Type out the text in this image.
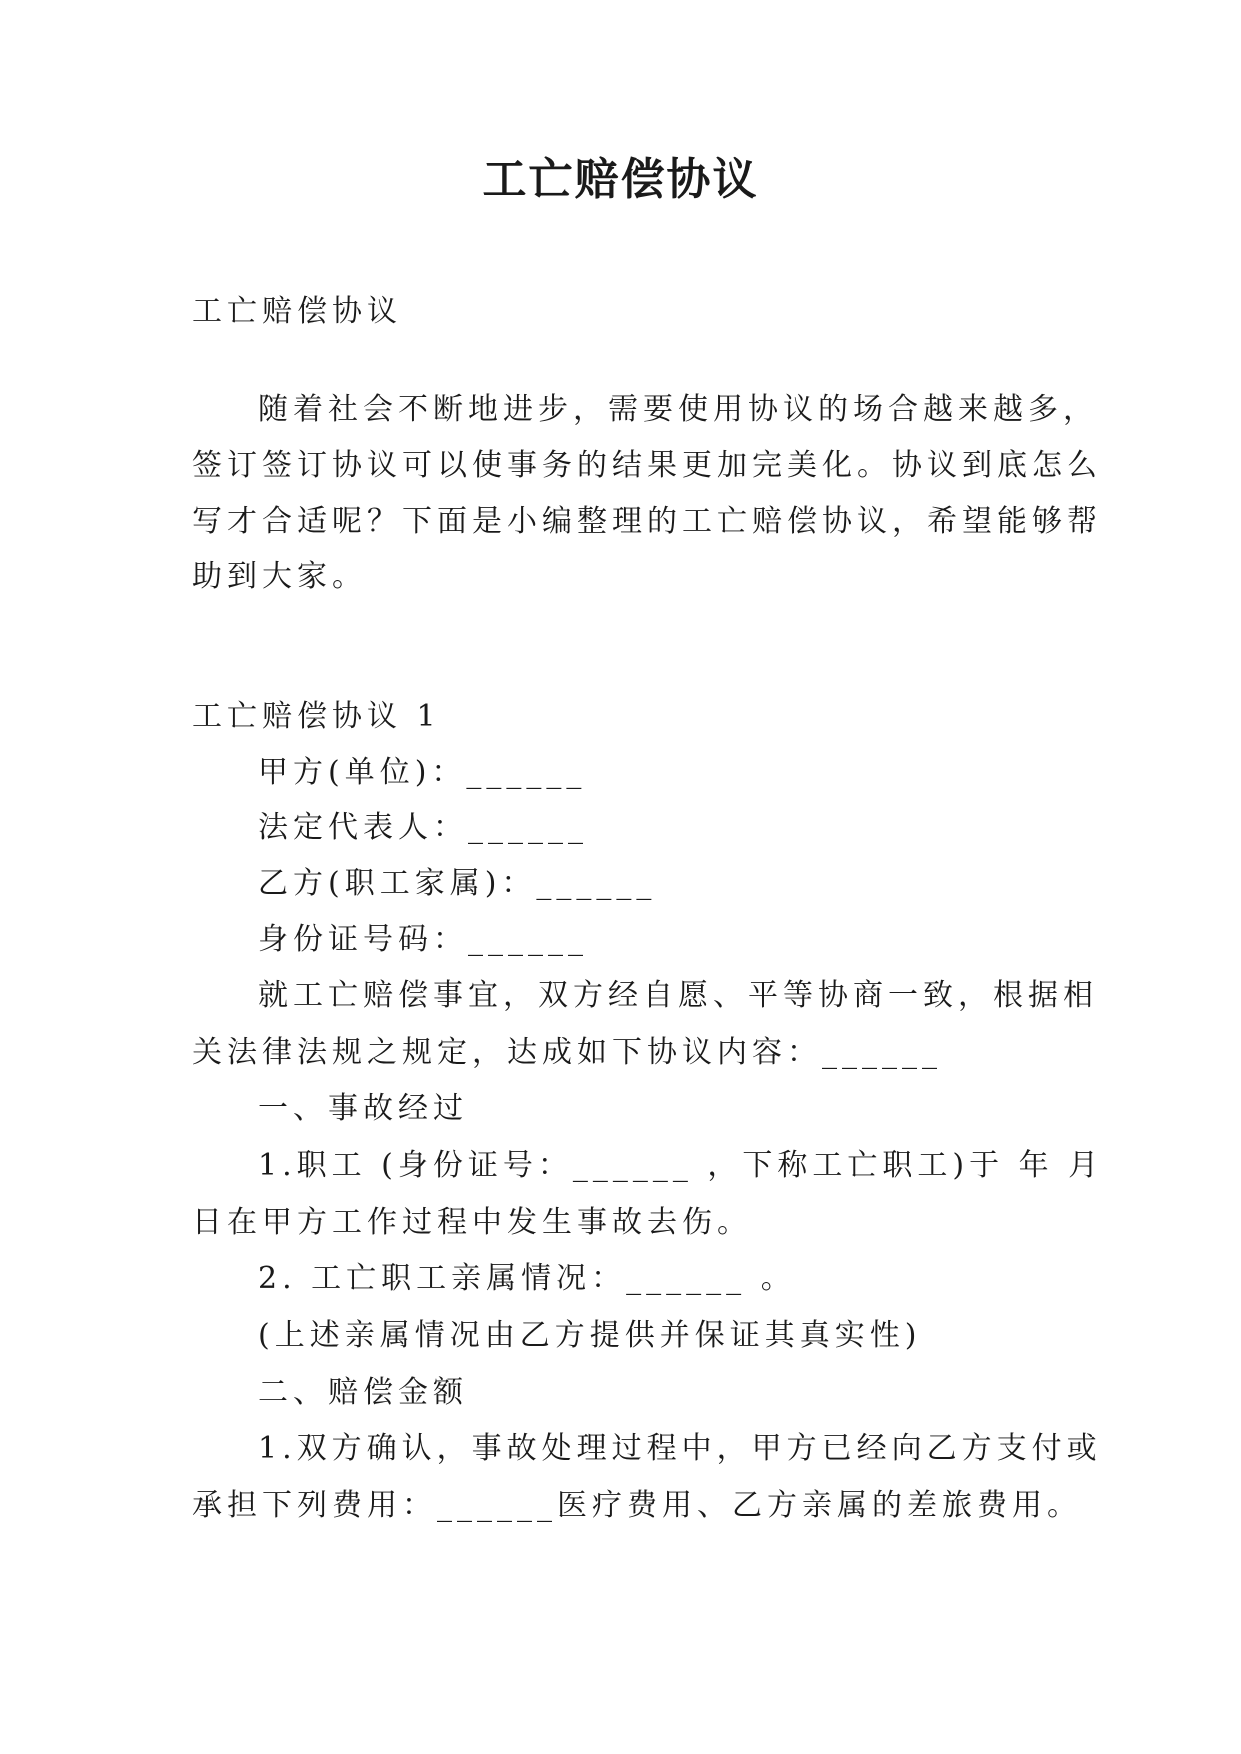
工亡赔偿协议
工亡赔偿协议
随着社会不断地进步，需要使用协议的场合越来越多，
签订签订协议可以使事务的结果更加完美化。协议到底怎么
写才合适呢？下面是小编整理的工亡赔偿协议，希望能够帮
助到大家。
工亡赔偿协议 1
甲方(单位)：______
法定代表人：______
乙方(职工家属)：______
身份证号码：______
就工亡赔偿事宜，双方经自愿、平等协商一致，根据相
关法律法规之规定，达成如下协议内容：______
一、事故经过
1.职工 (身份证号：______ ，下称工亡职工)于 年 月
日在甲方工作过程中发生事故去伤。
2. 工亡职工亲属情况：______ 。
(上述亲属情况由乙方提供并保证其真实性)
二、赔偿金额
1.双方确认，事故处理过程中，甲方已经向乙方支付或
承担下列费用：______医疗费用、乙方亲属的差旅费用。
